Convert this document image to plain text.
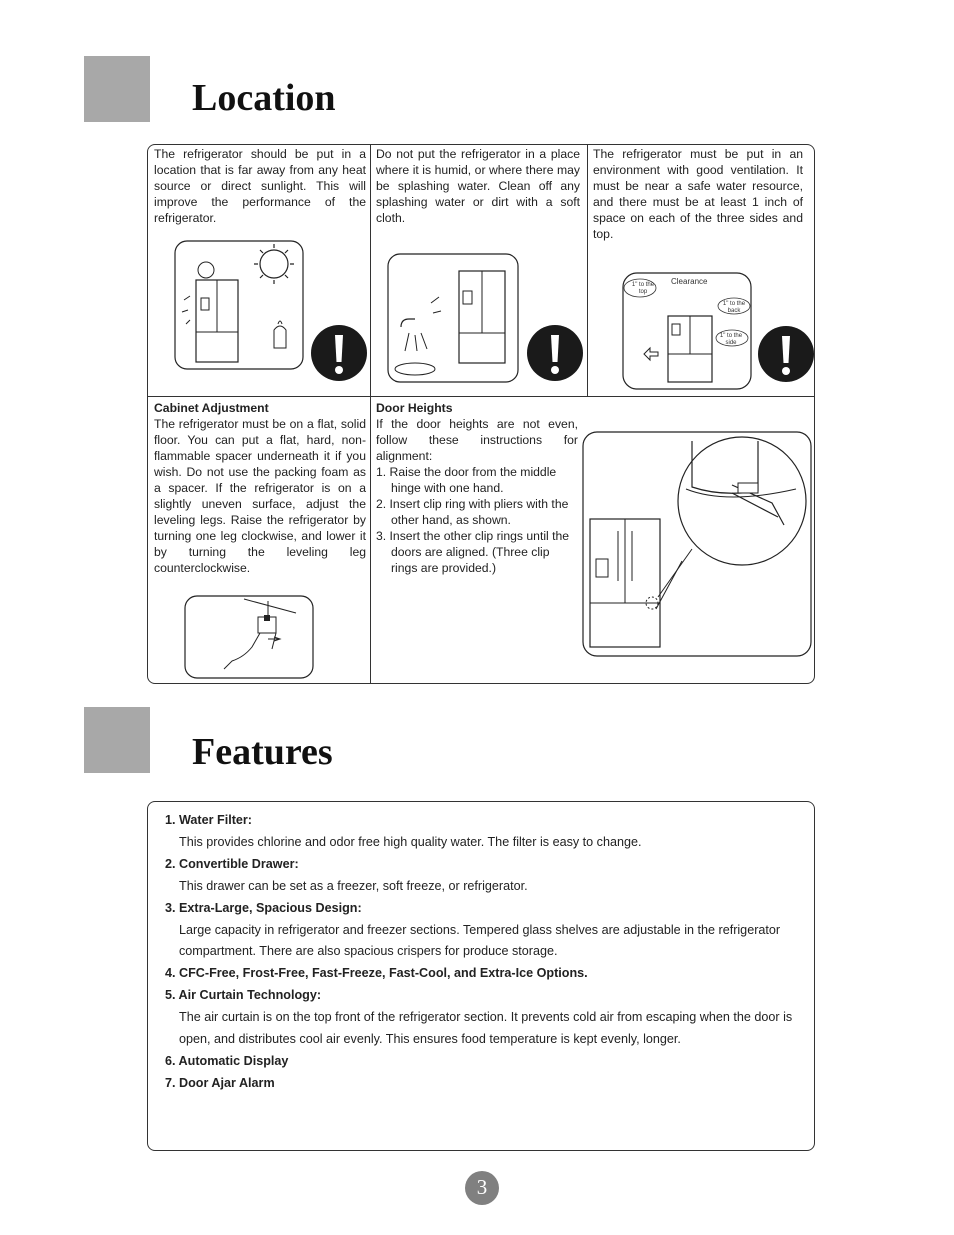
Location

The refrigerator should be put in a location that is far away from any heat source or direct sunlight. This will improve the performance of the refrigerator.

Do not put the refrigerator in a place where it is humid, or where there may be splashing water. Clean off any splashing water or dirt with a soft cloth.

The refrigerator must be put in an environment with good ventilation. It must be near a safe water resource, and there must be at least 1 inch of space on each of the three sides and top.

Clearance
1" to the top
1" to the back
1" to the side
Cabinet Adjustment
The refrigerator must be on a flat, solid floor. You can put a flat, hard, non-flammable spacer underneath it if you wish. Do not use the packing foam as a spacer. If the refrigerator is on a slightly uneven surface, adjust the leveling legs. Raise the refrigerator by turning one leg clockwise, and lower it by turning the leveling leg counterclockwise.
Door Heights
If the door heights are not even, follow these instructions for alignment:
1. Raise the door from the middle hinge with one hand.
2. Insert clip ring with pliers with the other hand, as shown.
3. Insert the other clip rings until the doors are aligned. (Three clip rings are provided.)
Features
1. Water Filter:
This provides chlorine and odor free high quality water. The filter is easy to change.
2. Convertible Drawer:
This drawer can be set as a freezer, soft freeze, or refrigerator.
3. Extra-Large, Spacious Design:
Large capacity in refrigerator and freezer sections. Tempered glass shelves are adjustable in the refrigerator compartment. There are also spacious crispers for produce storage.
4. CFC-Free, Frost-Free, Fast-Freeze, Fast-Cool, and Extra-Ice Options.
5. Air Curtain Technology:
The air curtain is on the top front of the refrigerator section. It prevents cold air from escaping when the door is open, and distributes cool air evenly. This ensures food temperature is kept evenly, longer.
6. Automatic Display
7. Door Ajar Alarm
3
